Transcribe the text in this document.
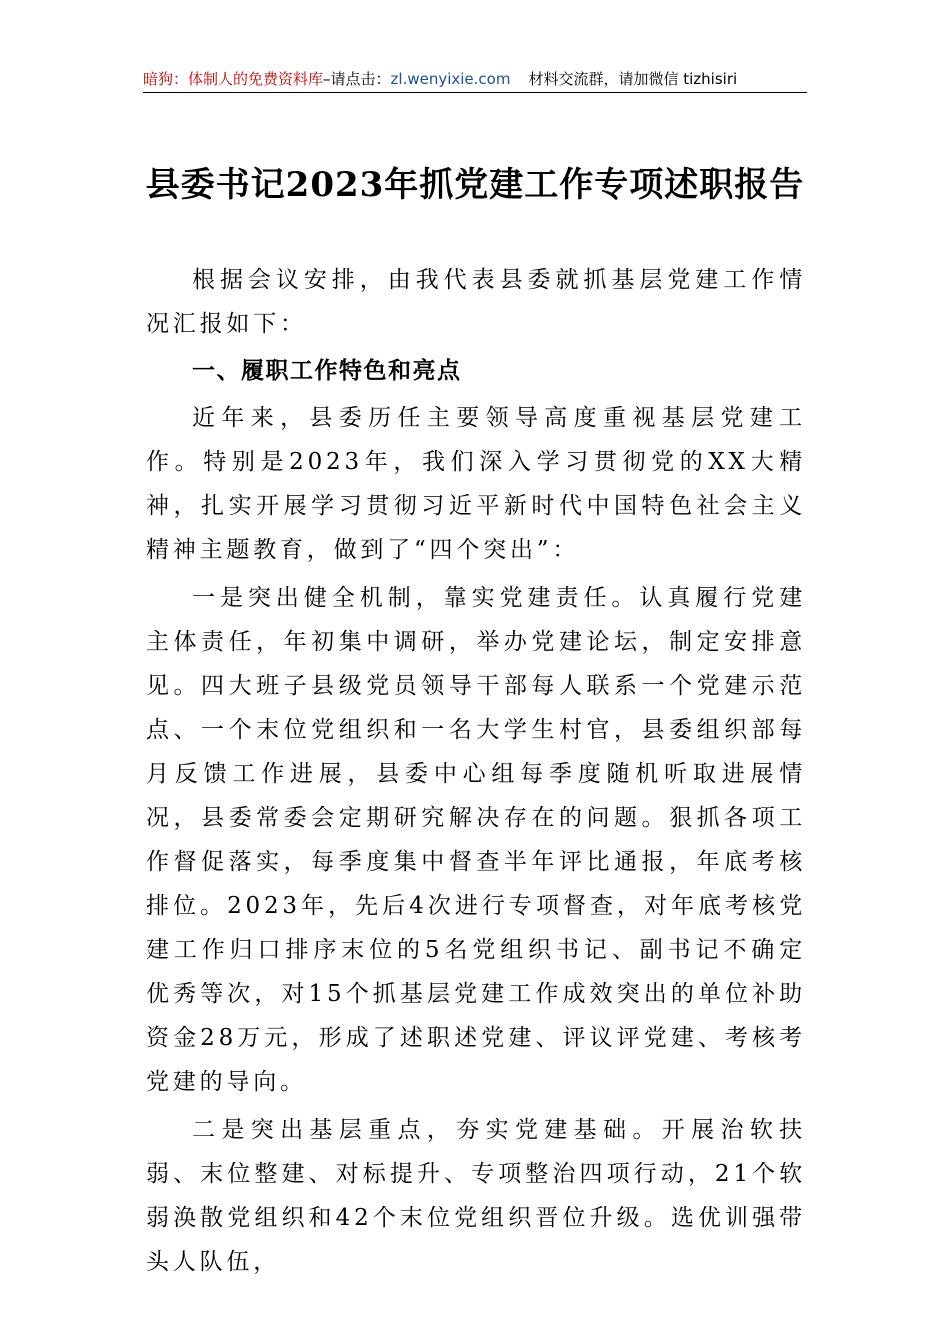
暗狗：体制人的免费资料库–请点击：zl.wenyixie.com 材料交流群，请加微信 tizhisiri
县委书记2023年抓党建工作专项述职报告

根据会议安排，由我代表县委就抓基层党建工作情况汇报如下：

一、履职工作特色和亮点

近年来，县委历任主要领导高度重视基层党建工作。特别是2023年，我们深入学习贯彻党的XX大精神，扎实开展学习贯彻习近平新时代中国特色社会主义精神主题教育，做到了“四个突出”：

一是突出健全机制，靠实党建责任。认真履行党建主体责任，年初集中调研，举办党建论坛，制定安排意见。四大班子县级党员领导干部每人联系一个党建示范点、一个末位党组织和一名大学生村官，县委组织部每月反馈工作进展，县委中心组每季度随机听取进展情况，县委常委会定期研究解决存在的问题。狠抓各项工作督促落实，每季度集中督查半年评比通报，年底考核排位。2023年，先后4次进行专项督查，对年底考核党建工作归口排序末位的5名党组织书记、副书记不确定优秀等次，对15个抓基层党建工作成效突出的单位补助资金28万元，形成了述职述党建、评议评党建、考核考党建的导向。

二是突出基层重点，夯实党建基础。开展治软扶弱、末位整建、对标提升、专项整治四项行动，21个软弱涣散党组织和42个末位党组织晋位升级。选优训强带头人队伍，
